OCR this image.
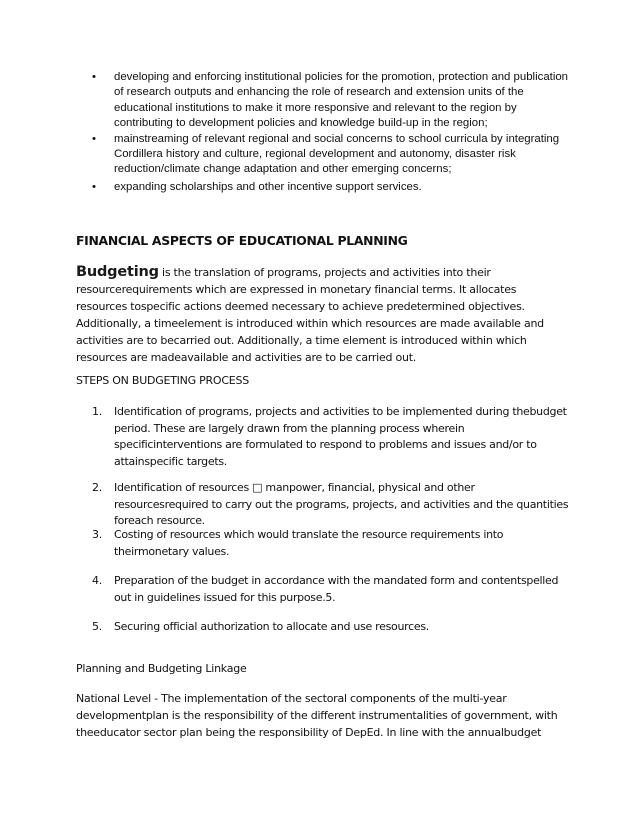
• developing and enforcing institutional policies for the promotion, protection and publication of research outputs and enhancing the role of research and extension units of the educational institutions to make it more responsive and relevant to the region by contributing to development policies and knowledge build-up in the region;
• mainstreaming of relevant regional and social concerns to school curricula by integrating Cordillera history and culture, regional development and autonomy, disaster risk reduction/climate change adaptation and other emerging concerns;
• expanding scholarships and other incentive support services.
FINANCIAL ASPECTS OF EDUCATIONAL PLANNING
Budgeting is the translation of programs, projects and activities into their resourcerequirements which are expressed in monetary financial terms. It allocates resources tospecific actions deemed necessary to achieve predetermined objectives. Additionally, a timeelement is introduced within which resources are made available and activities are to becarried out. Additionally, a time element is introduced within which resources are madeavailable and activities are to be carried out.
STEPS ON BUDGETING PROCESS
1.	Identification of programs, projects and activities to be implemented during thebudget period. These are largely drawn from the planning process wherein specificinterventions are formulated to respond to problems and issues and/or to attainspecific targets.
2.	Identification of resources □ manpower, financial, physical and other resourcesrequired to carry out the programs, projects, and activities and the quantities foreach resource.
3.	Costing of resources which would translate the resource requirements into theirmonetary values.
4.	Preparation of the budget in accordance with the mandated form and contentspelled out in guidelines issued for this purpose.5.
5.	Securing official authorization to allocate and use resources.
Planning and Budgeting Linkage
National Level - The implementation of the sectoral components of the multi-year developmentplan is the responsibility of the different instrumentalities of government, with theeducator sector plan being the responsibility of DepEd. In line with the annualbudget
